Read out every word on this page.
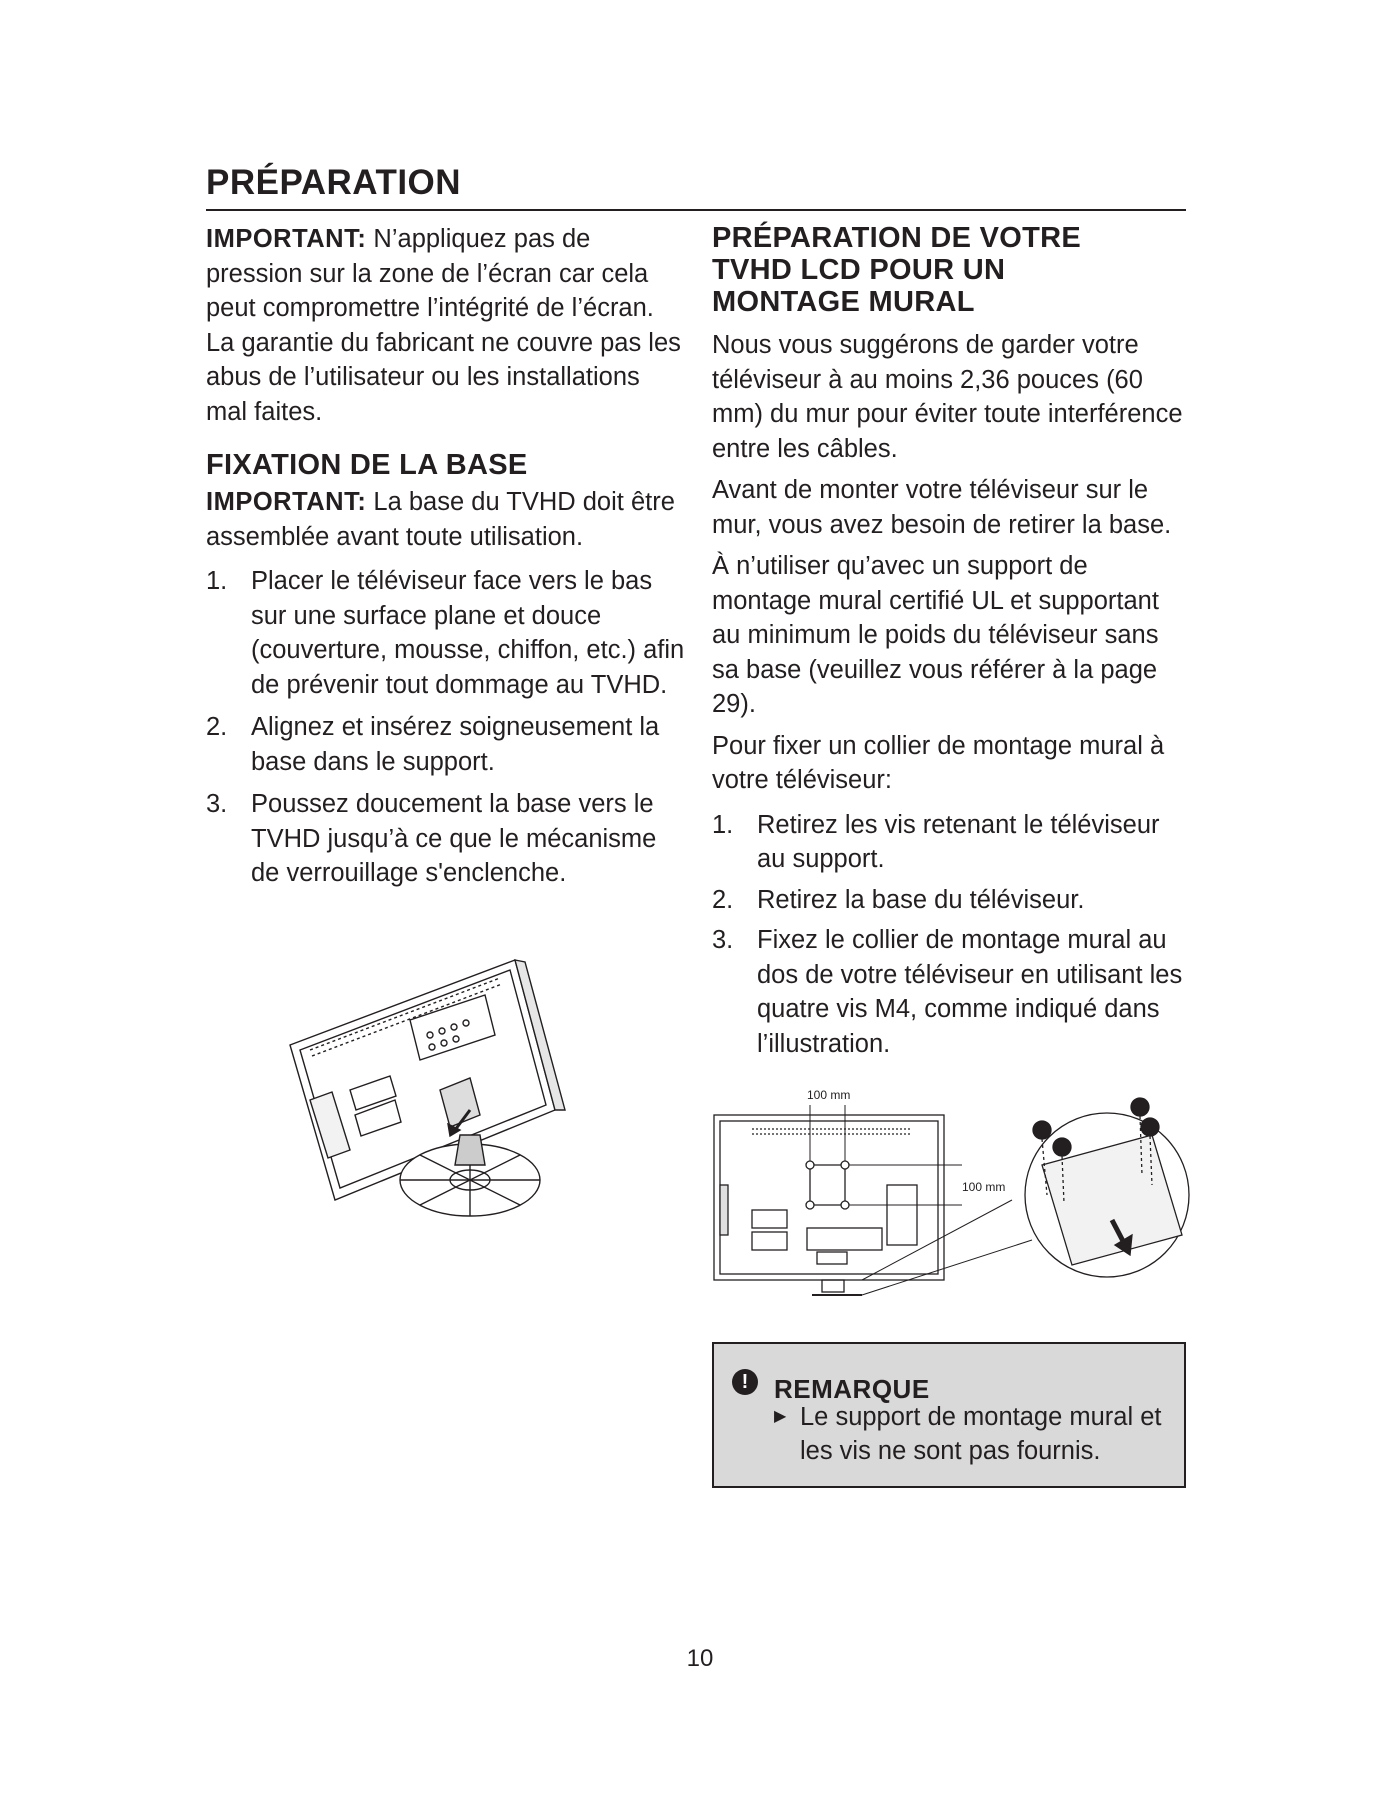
PRÉPARATION

IMPORTANT: N’appliquez pas de pression sur la zone de l’écran car cela peut compromettre l’intégrité de l’écran. La garantie du fabricant ne couvre pas les abus de l’utilisateur ou les installations mal faites.

FIXATION DE LA BASE

IMPORTANT: La base du TVHD doit être assemblée avant toute utilisation.

1. Placer le téléviseur face vers le bas sur une surface plane et douce (couverture, mousse, chiffon, etc.) afin de prévenir tout dommage au TVHD.
2. Alignez et insérez soigneusement la base dans le support.
3. Poussez doucement la base vers le TVHD jusqu’à ce que le mécanisme de verrouillage s'enclenche.
PRÉPARATION DE VOTRE
TVHD LCD POUR UN
MONTAGE MURAL

Nous vous suggérons de garder votre téléviseur à au moins 2,36 pouces (60 mm) du mur pour éviter toute interférence entre les câbles.

Avant de monter votre téléviseur sur le mur, vous avez besoin de retirer la base.

À n’utiliser qu’avec un support de montage mural certifié UL et supportant au minimum le poids du téléviseur sans sa base (veuillez vous référer à la page 29).

Pour fixer un collier de montage mural à votre téléviseur:

1. Retirez les vis retenant le téléviseur au support.
2. Retirez la base du téléviseur.
3. Fixez le collier de montage mural au dos de votre téléviseur en utilisant les quatre vis M4, comme indiqué dans l’illustration.
100 mm
100 mm
! REMARQUE
▶ Le support de montage mural et les vis ne sont pas fournis.
10
